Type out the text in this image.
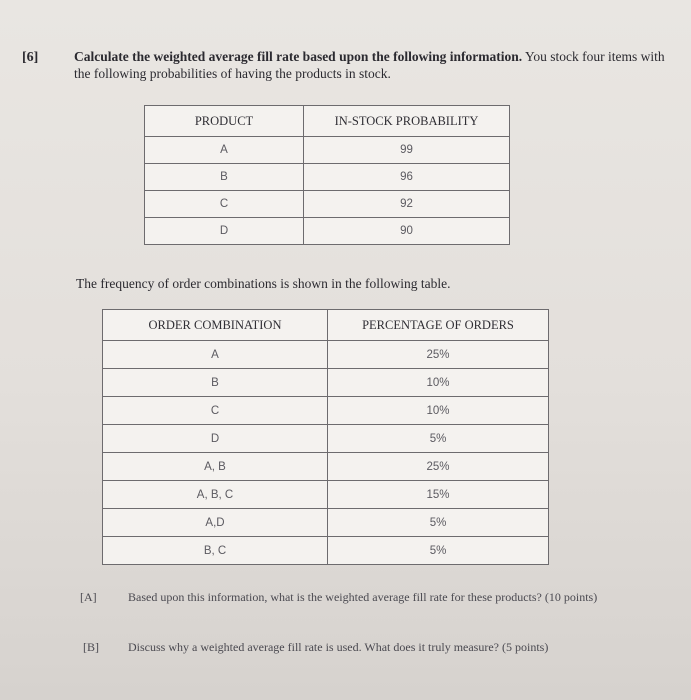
[6]	Calculate the weighted average fill rate based upon the following information. You stock four items with the following probabilities of having the products in stock.
PRODUCT	IN-STOCK PROBABILITY
A	99
B	96
C	92
D	90
The frequency of order combinations is shown in the following table.
ORDER COMBINATION	PERCENTAGE OF ORDERS
A	25%
B	10%
C	10%
D	5%
A, B	25%
A, B, C	15%
A,D	5%
B, C	5%
[A]	Based upon this information, what is the weighted average fill rate for these products? (10 points)
[B] Discuss why a weighted average fill rate is used. What does it truly measure? (5 points)
